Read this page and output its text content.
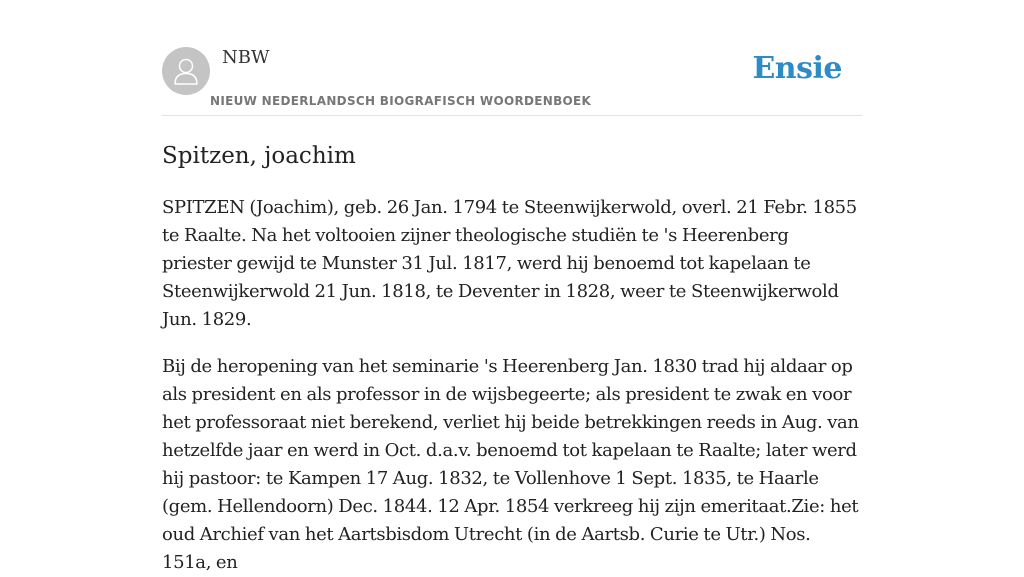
NBW
NIEUW NEDERLANDSCH BIOGRAFISCH WOORDENBOEK
Ensie
Spitzen, joachim

SPITZEN (Joachim), geb. 26 Jan. 1794 te Steenwijkerwold, overl. 21 Febr. 1855 te Raalte. Na het voltooien zijner theologische studiën te 's Heerenberg priester gewijd te Munster 31 Jul. 1817, werd hij benoemd tot kapelaan te Steenwijkerwold 21 Jun. 1818, te Deventer in 1828, weer te Steenwijkerwold Jun. 1829.

Bij de heropening van het seminarie 's Heerenberg Jan. 1830 trad hij aldaar op als president en als professor in de wijsbegeerte; als president te zwak en voor het professoraat niet berekend, verliet hij beide betrekkingen reeds in Aug. van hetzelfde jaar en werd in Oct. d.a.v. benoemd tot kapelaan te Raalte; later werd hij pastoor: te Kampen 17 Aug. 1832, te Vollenhove 1 Sept. 1835, te Haarle (gem. Hellendoorn) Dec. 1844. 12 Apr. 1854 verkreeg hij zijn emeritaat.Zie: het oud Archief van het Aartsbisdom Utrecht (in de Aartsb. Curie te Utr.) Nos. 151a, en
